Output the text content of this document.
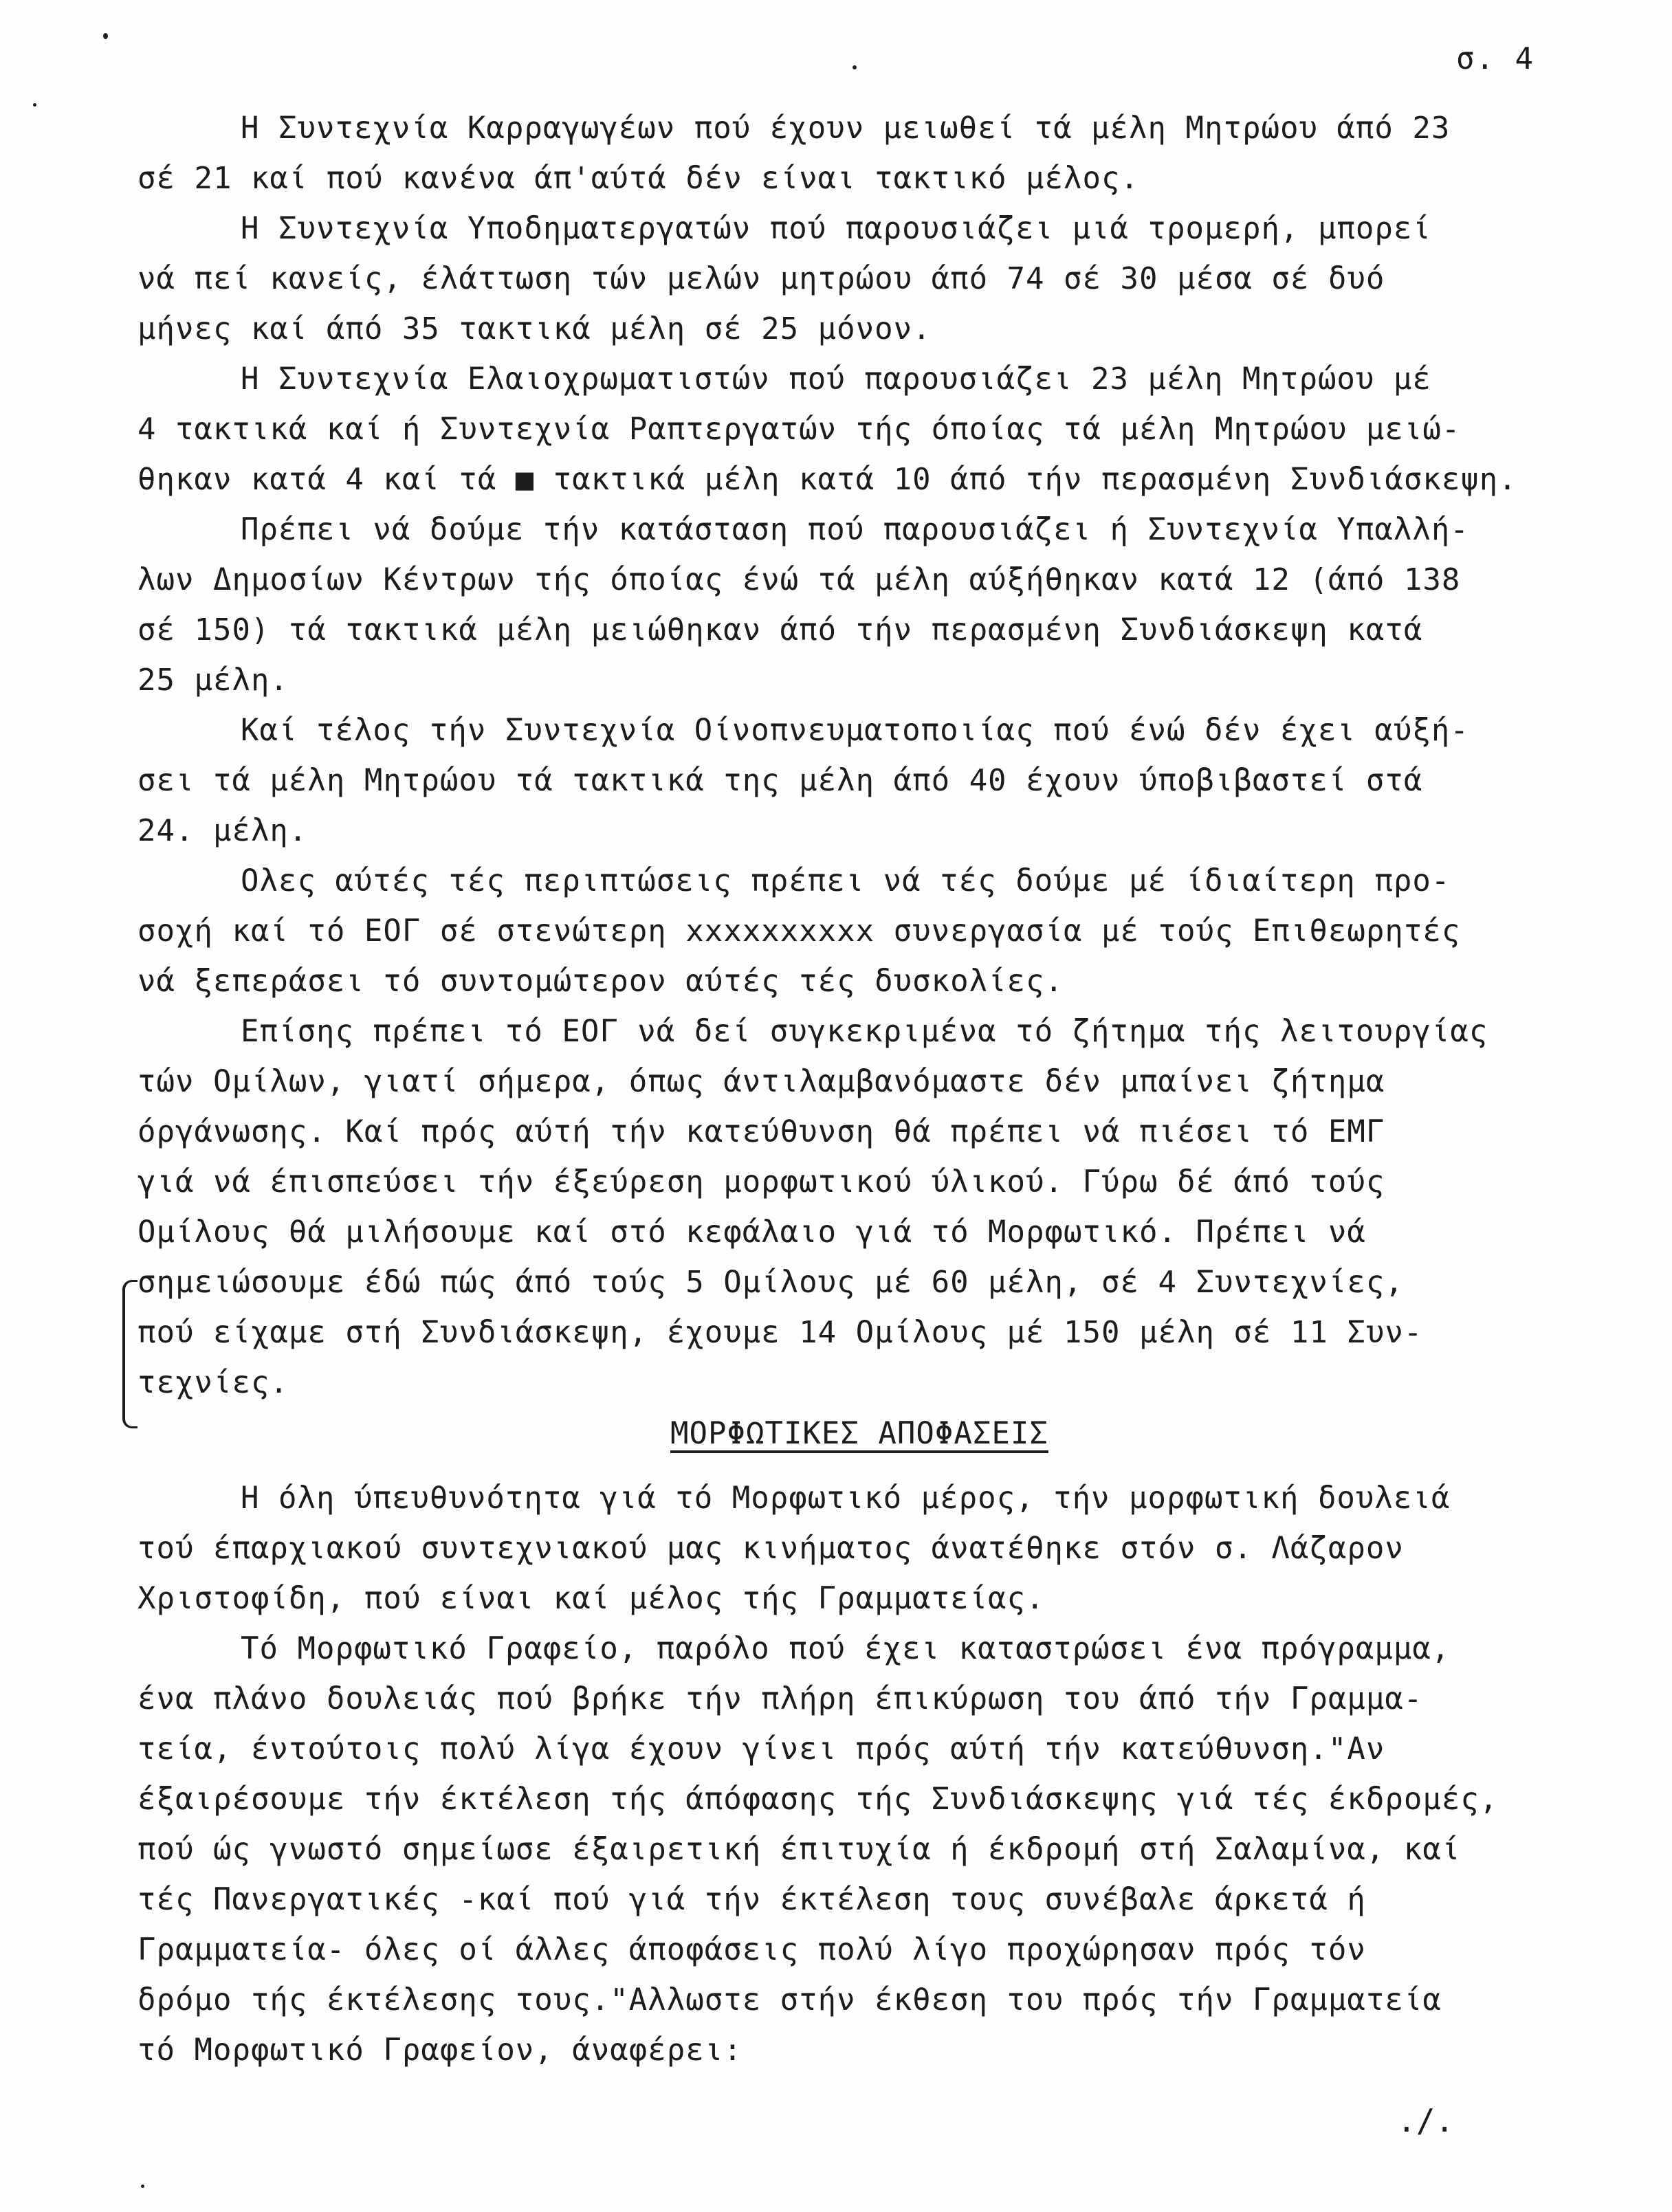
σ. 4
Η Συντεχνία Καρραγωγέων πού έχουν μειωθεί τά μέλη Μητρώου άπό 23
σέ 21 καί πού κανένα άπ'αύτά δέν είναι τακτικό μέλος.
Η Συντεχνία Υποδηματεργατών πού παρουσιάζει μιά τρομερή, μπορεί
νά πεί κανείς, έλάττωση τών μελών μητρώου άπό 74 σέ 30 μέσα σέ δυό
μήνες καί άπό 35 τακτικά μέλη σέ 25 μόνον.
Η Συντεχνία Ελαιοχρωματιστών πού παρουσιάζει 23 μέλη Μητρώου μέ
4 τακτικά καί ή Συντεχνία Ραπτεργατών τής όποίας τά μέλη Μητρώου μειώ-
θηκαν κατά 4 καί τά ■ τακτικά μέλη κατά 10 άπό τήν περασμένη Συνδιάσκεψη.
Πρέπει νά δούμε τήν κατάσταση πού παρουσιάζει ή Συντεχνία Υπαλλή-
λων Δημοσίων Κέντρων τής όποίας ένώ τά μέλη αύξήθηκαν κατά 12 (άπό 138
σέ 150) τά τακτικά μέλη μειώθηκαν άπό τήν περασμένη Συνδιάσκεψη κατά
25 μέλη.
Καί τέλος τήν Συντεχνία Οίνοπνευματοποιίας πού ένώ δέν έχει αύξή-
σει τά μέλη Μητρώου τά τακτικά της μέλη άπό 40 έχουν ύποβιβαστεί στά
24. μέλη.
Ολες αύτές τές περιπτώσεις πρέπει νά τές δούμε μέ ίδιαίτερη προ-
σοχή καί τό ΕΟΓ σέ στενώτερη xxxxxxxxxx συνεργασία μέ τούς Επιθεωρητές
νά ξεπεράσει τό συντομώτερον αύτές τές δυσκολίες.
Επίσης πρέπει τό ΕΟΓ νά δεί συγκεκριμένα τό ζήτημα τής λειτουργίας
τών Ομίλων, γιατί σήμερα, όπως άντιλαμβανόμαστε δέν μπαίνει ζήτημα
όργάνωσης. Καί πρός αύτή τήν κατεύθυνση θά πρέπει νά πιέσει τό ΕΜΓ
γιά νά έπισπεύσει τήν έξεύρεση μορφωτικού ύλικού. Γύρω δέ άπό τούς
Ομίλους θά μιλήσουμε καί στό κεφάλαιο γιά τό Μορφωτικό. Πρέπει νά
σημειώσουμε έδώ πώς άπό τούς 5 Ομίλους μέ 60 μέλη, σέ 4 Συντεχνίες,
πού είχαμε στή Συνδιάσκεψη, έχουμε 14 Ομίλους μέ 150 μέλη σέ 11 Συν-
τεχνίες.
ΜΟΡΦΩΤΙΚΕΣ ΑΠΟΦΑΣΕΙΣ
Η όλη ύπευθυνότητα γιά τό Μορφωτικό μέρος, τήν μορφωτική δουλειά
τού έπαρχιακού συντεχνιακού μας κινήματος άνατέθηκε στόν σ. Λάζαρον
Χριστοφίδη, πού είναι καί μέλος τής Γραμματείας.
Τό Μορφωτικό Γραφείο, παρόλο πού έχει καταστρώσει ένα πρόγραμμα,
ένα πλάνο δουλειάς πού βρήκε τήν πλήρη έπικύρωση του άπό τήν Γραμμα-
τεία, έντούτοις πολύ λίγα έχουν γίνει πρός αύτή τήν κατεύθυνση."Αν
έξαιρέσουμε τήν έκτέλεση τής άπόφασης τής Συνδιάσκεψης γιά τές έκδρομές,
πού ώς γνωστό σημείωσε έξαιρετική έπιτυχία ή έκδρομή στή Σαλαμίνα, καί
τές Πανεργατικές -καί πού γιά τήν έκτέλεση τους συνέβαλε άρκετά ή
Γραμματεία- όλες οί άλλες άποφάσεις πολύ λίγο προχώρησαν πρός τόν
δρόμο τής έκτέλεσης τους."Αλλωστε στήν έκθεση του πρός τήν Γραμματεία
τό Μορφωτικό Γραφείον, άναφέρει:
./.
